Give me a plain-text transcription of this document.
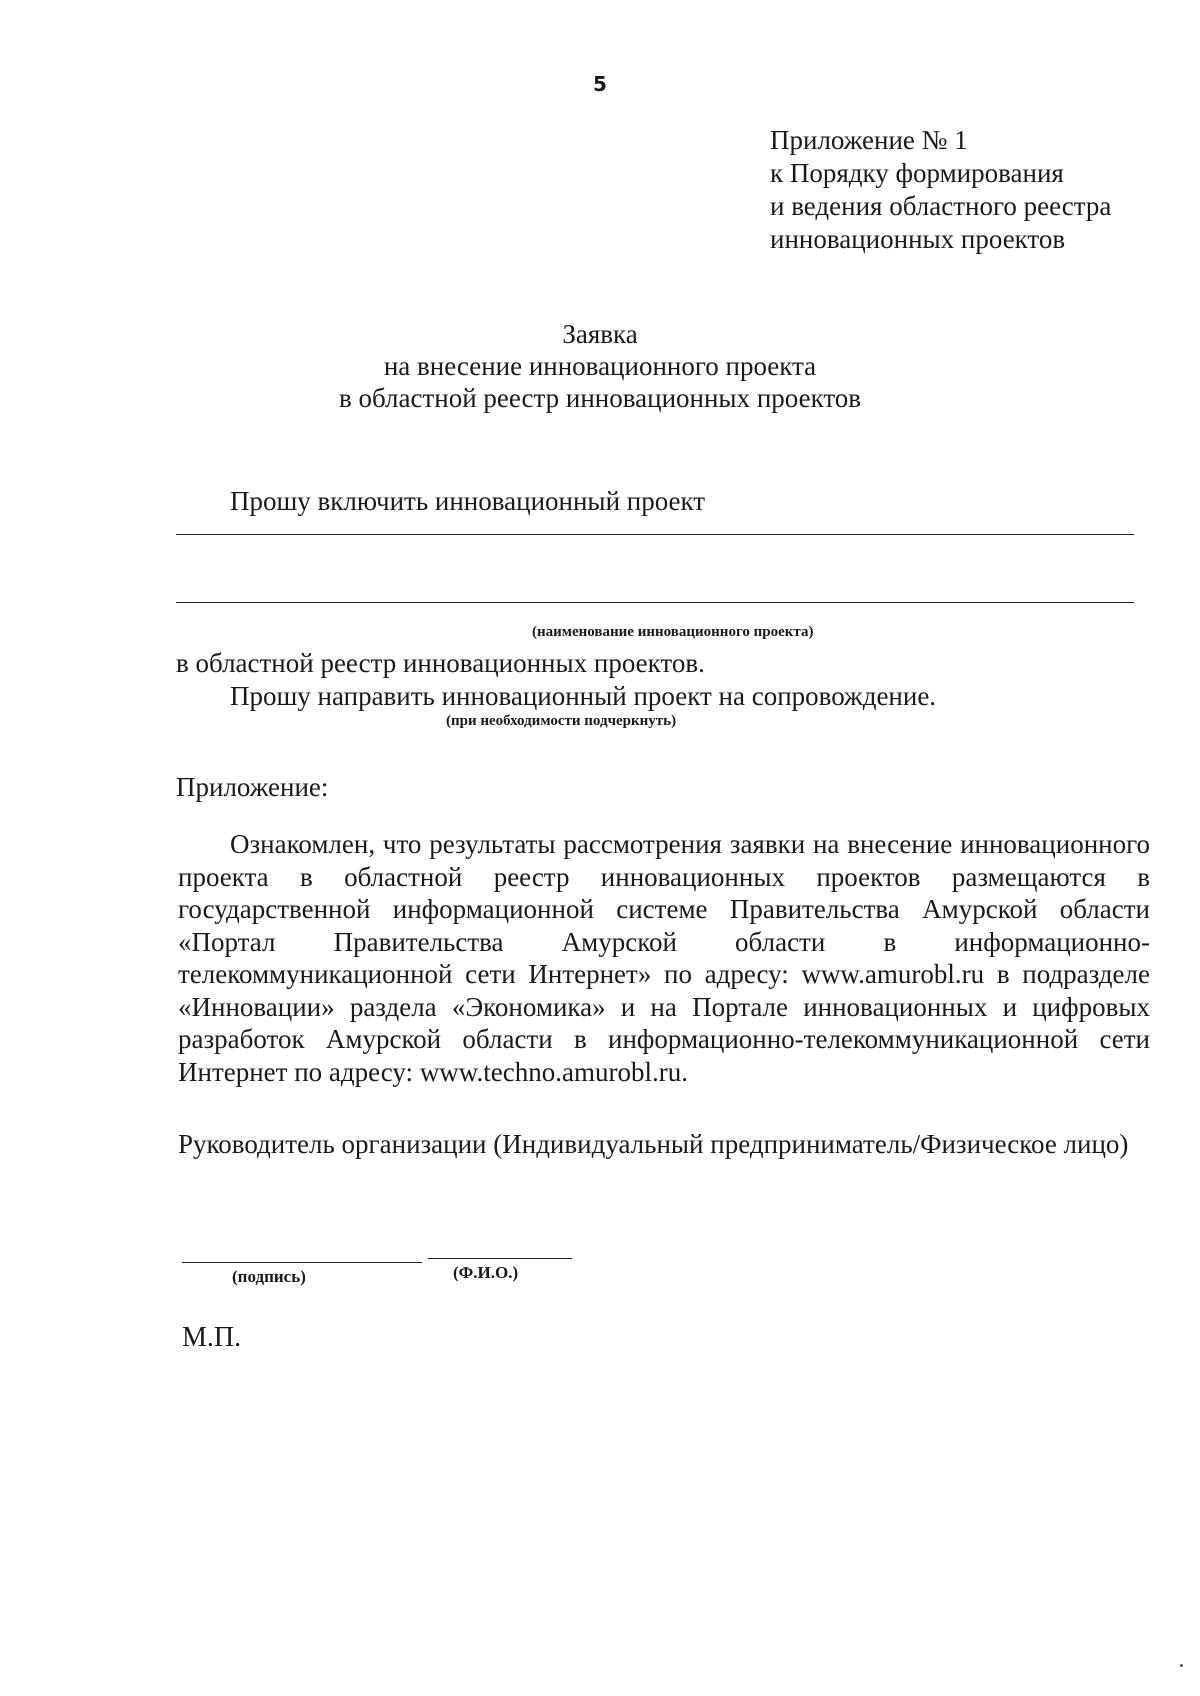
5
Приложение № 1
к Порядку формирования
и ведения областного реестра
инновационных проектов
Заявка
на внесение инновационного проекта
в областной реестр инновационных проектов
Прошу включить инновационный проект
(наименование инновационного проекта)
в областной реестр инновационных проектов.
Прошу направить инновационный проект на сопровождение.
(при необходимости подчеркнуть)
Приложение:
Ознакомлен, что результаты рассмотрения заявки на внесение инновационного проекта в областной реестр инновационных проектов размещаются в государственной информационной системе Правительства Амурской области «Портал Правительства Амурской области в информационно-телекоммуникационной сети Интернет» по адресу: www.amurobl.ru в подразделе «Инновации» раздела «Экономика» и на Портале инновационных и цифровых разработок Амурской области в информационно-телекоммуникационной сети Интернет по адресу: www.techno.amurobl.ru.
Руководитель организации (Индивидуальный предприниматель/Физическое лицо)
(подпись)	(Ф.И.О.)
М.П.
